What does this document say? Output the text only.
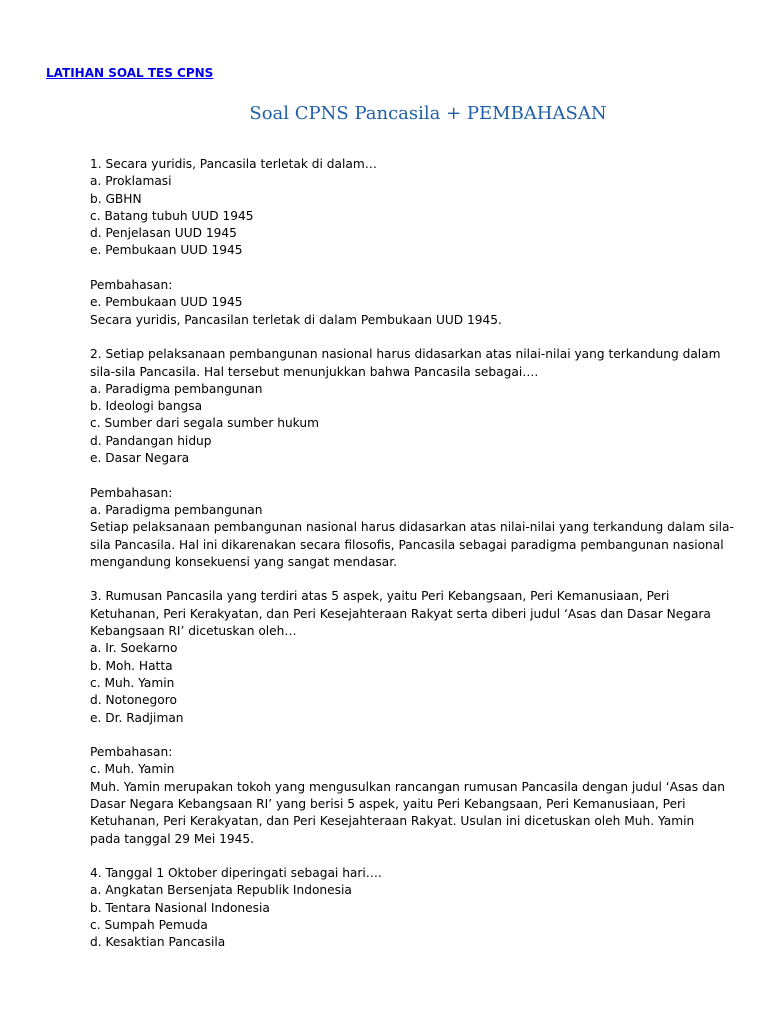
LATIHAN SOAL TES CPNS
Soal CPNS Pancasila + PEMBAHASAN
1. Secara yuridis, Pancasila terletak di dalam…
a. Proklamasi
b. GBHN
c. Batang tubuh UUD 1945
d. Penjelasan UUD 1945
e. Pembukaan UUD 1945
Pembahasan:
e. Pembukaan UUD 1945
Secara yuridis, Pancasilan terletak di dalam Pembukaan UUD 1945.
2. Setiap pelaksanaan pembangunan nasional harus didasarkan atas nilai-nilai yang terkandung dalam
sila-sila Pancasila. Hal tersebut menunjukkan bahwa Pancasila sebagai….
a. Paradigma pembangunan
b. Ideologi bangsa
c. Sumber dari segala sumber hukum
d. Pandangan hidup
e. Dasar Negara
Pembahasan:
a. Paradigma pembangunan
Setiap pelaksanaan pembangunan nasional harus didasarkan atas nilai-nilai yang terkandung dalam sila-
sila Pancasila. Hal ini dikarenakan secara filosofis, Pancasila sebagai paradigma pembangunan nasional
mengandung konsekuensi yang sangat mendasar.
3. Rumusan Pancasila yang terdiri atas 5 aspek, yaitu Peri Kebangsaan, Peri Kemanusiaan, Peri
Ketuhanan, Peri Kerakyatan, dan Peri Kesejahteraan Rakyat serta diberi judul ‘Asas dan Dasar Negara
Kebangsaan RI’ dicetuskan oleh…
a. Ir. Soekarno
b. Moh. Hatta
c. Muh. Yamin
d. Notonegoro
e. Dr. Radjiman
Pembahasan:
c. Muh. Yamin
Muh. Yamin merupakan tokoh yang mengusulkan rancangan rumusan Pancasila dengan judul ‘Asas dan
Dasar Negara Kebangsaan RI’ yang berisi 5 aspek, yaitu Peri Kebangsaan, Peri Kemanusiaan, Peri
Ketuhanan, Peri Kerakyatan, dan Peri Kesejahteraan Rakyat. Usulan ini dicetuskan oleh Muh. Yamin
pada tanggal 29 Mei 1945.
4. Tanggal 1 Oktober diperingati sebagai hari….
a. Angkatan Bersenjata Republik Indonesia
b. Tentara Nasional Indonesia
c. Sumpah Pemuda
d. Kesaktian Pancasila
